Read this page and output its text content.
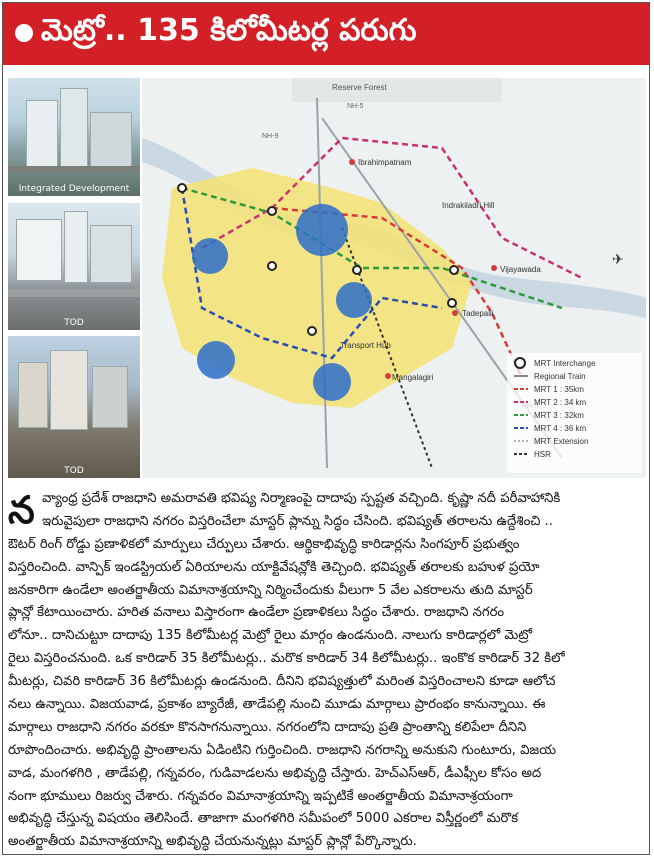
మెట్రో.. 135 కిలోమీటర్ల పరుగు
Integrated Development
TOD
TOD
Reserve Forest
Ibrahimpatnam
Indrakiladri Hill
Vijayawada
Tadepalli
Mangalagiri
Transport Hub
NH-9
NH-5
✈
MRT Interchange
Regional Train
MRT 1 : 35km
MRT 2 : 34 km
MRT 3 : 32km
MRT 4 : 36 km
MRT Extension
HSR
న వ్యాంధ్ర ప్రదేశ్ రాజధాని అమరావతి భవిష్య నిర్మాణంపై దాదాపు స్పష్టత వచ్చింది. కృష్ణా నదీ పరీవాహానికి
ఇరువైపులా రాజధాని నగరం విస్తరించేలా మాస్టర్ ప్లాన్ను సిద్ధం చేసింది. భవిష్యత్ తరాలను ఉద్దేశించి ..
ఔటర్ రింగ్ రోడ్డు ప్రణాళికలో మార్పులు చేర్పులు చేశారు. ఆర్థికాభివృద్ధి కారిడార్లను సింగపూర్ ప్రభుత్వం
విస్తరించింది. వాన్పిక్ ఇండస్ట్రియల్ ఏరియాలను యాక్టివేషన్లోకి తెచ్చింది. భవిష్యత్ తరాలకు బహుళ ప్రయో
జనకారిగా ఉండేలా అంతర్జాతీయ విమానాశ్రయాన్ని నిర్మించేందుకు వీలుగా 5 వేల ఎకరాలను తుది మాస్టర్
ప్లాన్లో కేటాయించారు. హరిత వనాలు విస్తారంగా ఉండేలా ప్రణాళికలు సిద్ధం చేశారు. రాజధాని నగరం
లోనూ.. దానిచుట్టూ దాదాపు 135 కిలోమీటర్ల మెట్రో రైలు మార్గం ఉండనుంది. నాలుగు కారిడార్లలో మెట్రో
రైలు విస్తరించనుంది. ఒక కారిడార్ 35 కిలోమీటర్లు.. మరొక కారిడార్ 34 కిలోమీటర్లు.. ఇంకొక కారిడార్ 32 కిలో
మీటర్లు, చివరి కారిడార్ 36 కిలోమీటర్లు ఉండనుంది. దీనిని భవిష్యత్తులో మరింత విస్తరించాలని కూడా ఆలోచ
నలు ఉన్నాయి. విజయవాడ, ప్రకాశం బ్యారేజీ, తాడేపల్లి నుంచి మూడు మార్గాలు ప్రారంభం కానున్నాయి. ఈ
మార్గాలు రాజధాని నగరం వరకూ కొనసాగనున్నాయి. నగరంలోని దాదాపు ప్రతి ప్రాంతాన్ని కలిపేలా దీనిని
రూపొందించారు. అభివృద్ధి ప్రాంతాలను ఏడింటిని గుర్తించింది. రాజధాని నగరాన్ని అనుకుని గుంటూరు, విజయ
వాడ, మంగళగిరి , తాడేపల్లి, గన్నవరం, గుడివాడలను అభివృద్ధి చేస్తారు. హెచ్ఎస్ఆర్, డీఎఫ్సీల కోసం అద
నంగా భూములు రిజర్వు చేశారు. గన్నవరం విమానాశ్రయాన్ని ఇప్పటికే అంతర్జాతీయ విమానాశ్రయంగా
అభివృద్ధి చేస్తున్న విషయం తెలిసిందే. తాజాగా మంగళగిరి సమీపంలో 5000 ఎకరాల విస్తీర్ణంలో మరొక
అంతర్జాతీయ విమానాశ్రయాన్ని అభివృద్ధి చేయనున్నట్లు మాస్టర్ ప్లాన్లో పేర్కొన్నారు.
